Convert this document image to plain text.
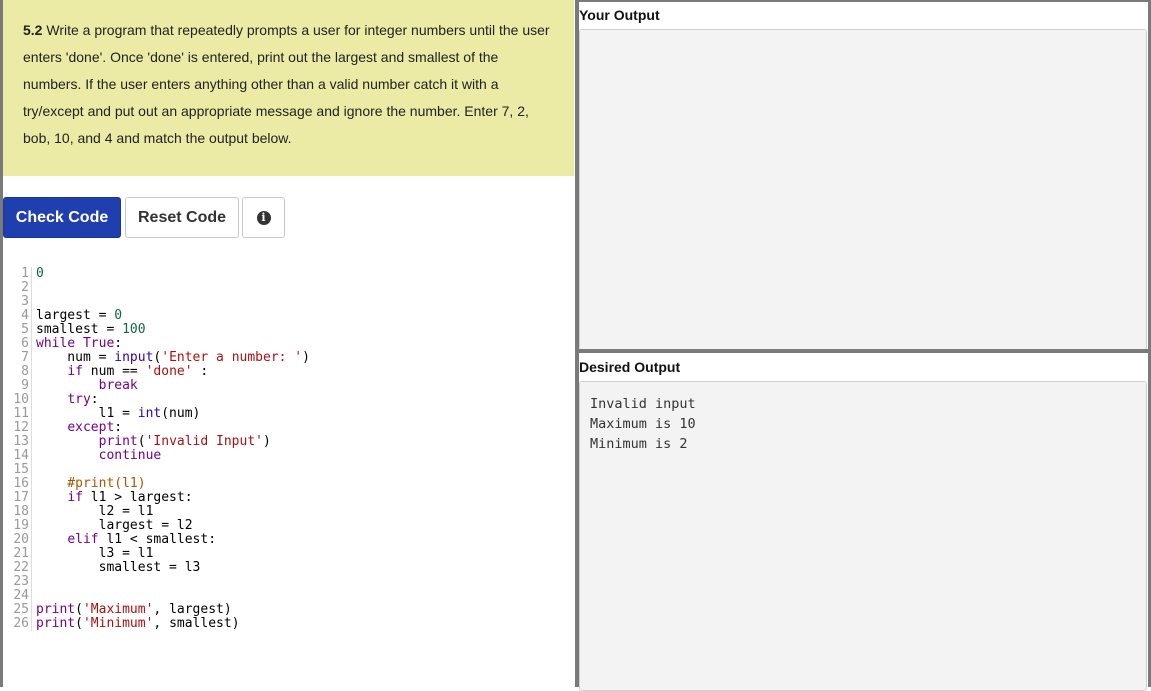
5.2 Write a program that repeatedly prompts a user for integer numbers until the user enters 'done'. Once 'done' is entered, print out the largest and smallest of the numbers. If the user enters anything other than a valid number catch it with a try/except and put out an appropriate message and ignore the number. Enter 7, 2, bob, 10, and 4 and match the output below.
Check Code	Reset Code	i
1
2
3
4
5
6
7
8
9
10
11
12
13
14
15
16
17
18
19
20
21
22
23
24
25
26
0
largest = 0
smallest = 100
while True:
num = input('Enter a number: ')
if num == 'done' :
break
try:
l1 = int(num)
except:
print('Invalid Input')
continue
#print(l1)
if l1 > largest:
l2 = l1
largest = l2
elif l1 < smallest:
l3 = l1
smallest = l3
print('Maximum', largest)
print('Minimum', smallest)
Your Output
Desired Output
Invalid input
Maximum is 10
Minimum is 2
